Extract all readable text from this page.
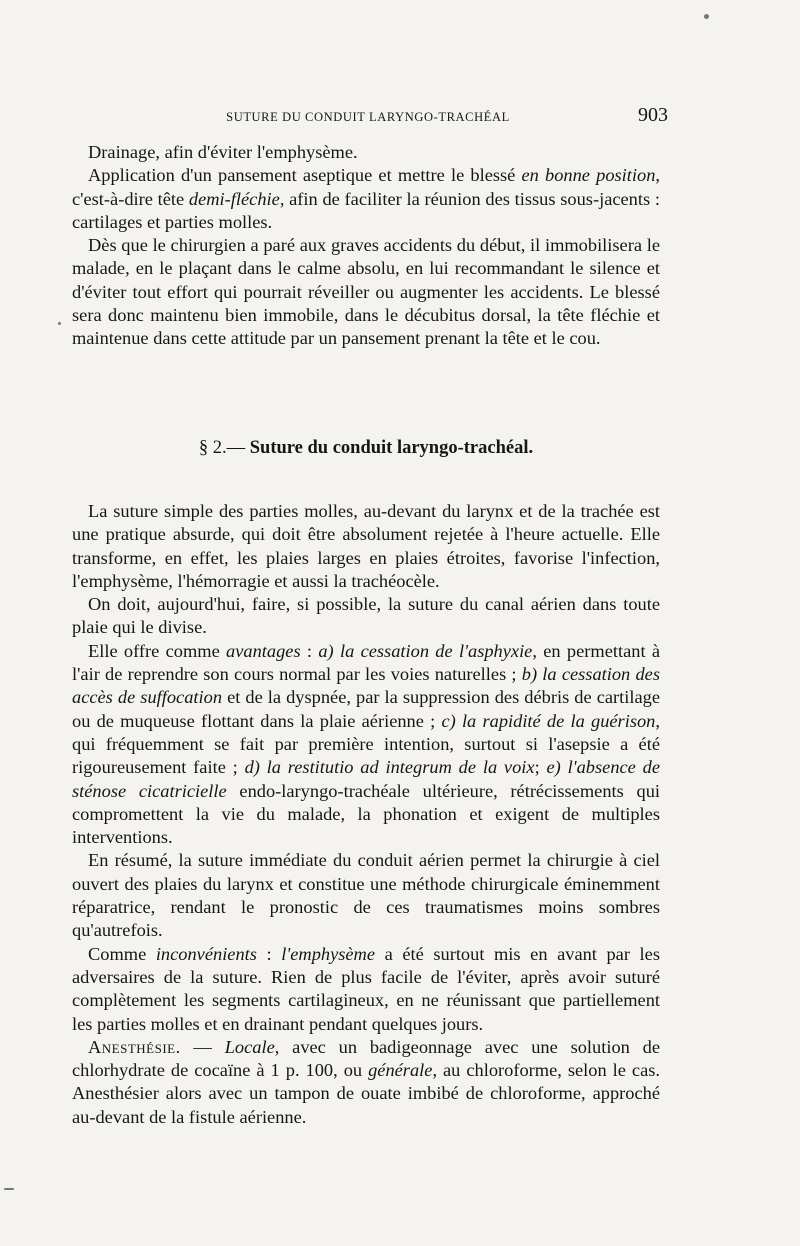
SUTURE DU CONDUIT LARYNGO-TRACHÉAL	903

Drainage, afin d'éviter l'emphysème.

Application d'un pansement aseptique et mettre le blessé en bonne position, c'est-à-dire tête demi-fléchie, afin de faciliter la réunion des tissus sous-jacents : cartilages et parties molles.

Dès que le chirurgien a paré aux graves accidents du début, il immobilisera le malade, en le plaçant dans le calme absolu, en lui recommandant le silence et d'éviter tout effort qui pourrait réveiller ou augmenter les accidents. Le blessé sera donc maintenu bien immobile, dans le décubitus dorsal, la tête fléchie et maintenue dans cette attitude par un pansement prenant la tête et le cou.

§ 2.— Suture du conduit laryngo-trachéal.

La suture simple des parties molles, au-devant du larynx et de la trachée est une pratique absurde, qui doit être absolument rejetée à l'heure actuelle. Elle transforme, en effet, les plaies larges en plaies étroites, favorise l'infection, l'emphysème, l'hémorragie et aussi la trachéocèle.

On doit, aujourd'hui, faire, si possible, la suture du canal aérien dans toute plaie qui le divise.

Elle offre comme avantages : a) la cessation de l'asphyxie, en permettant à l'air de reprendre son cours normal par les voies naturelles ; b) la cessation des accès de suffocation et de la dyspnée, par la suppression des débris de cartilage ou de muqueuse flottant dans la plaie aérienne ; c) la rapidité de la guérison, qui fréquemment se fait par première intention, surtout si l'asepsie a été rigoureusement faite ; d) la restitutio ad integrum de la voix; e) l'absence de sténose cicatricielle endo-laryngo-trachéale ultérieure, rétrécissements qui compromettent la vie du malade, la phonation et exigent de multiples interventions.

En résumé, la suture immédiate du conduit aérien permet la chirurgie à ciel ouvert des plaies du larynx et constitue une méthode chirurgicale éminemment réparatrice, rendant le pronostic de ces traumatismes moins sombres qu'autrefois.

Comme inconvénients : l'emphysème a été surtout mis en avant par les adversaires de la suture. Rien de plus facile de l'éviter, après avoir suturé complètement les segments cartilagineux, en ne réunissant que partiellement les parties molles et en drainant pendant quelques jours.

Anesthésie. — Locale, avec un badigeonnage avec une solution de chlorhydrate de cocaïne à 1 p. 100, ou générale, au chloroforme, selon le cas. Anesthésier alors avec un tampon de ouate imbibé de chloroforme, approché au-devant de la fistule aérienne.
